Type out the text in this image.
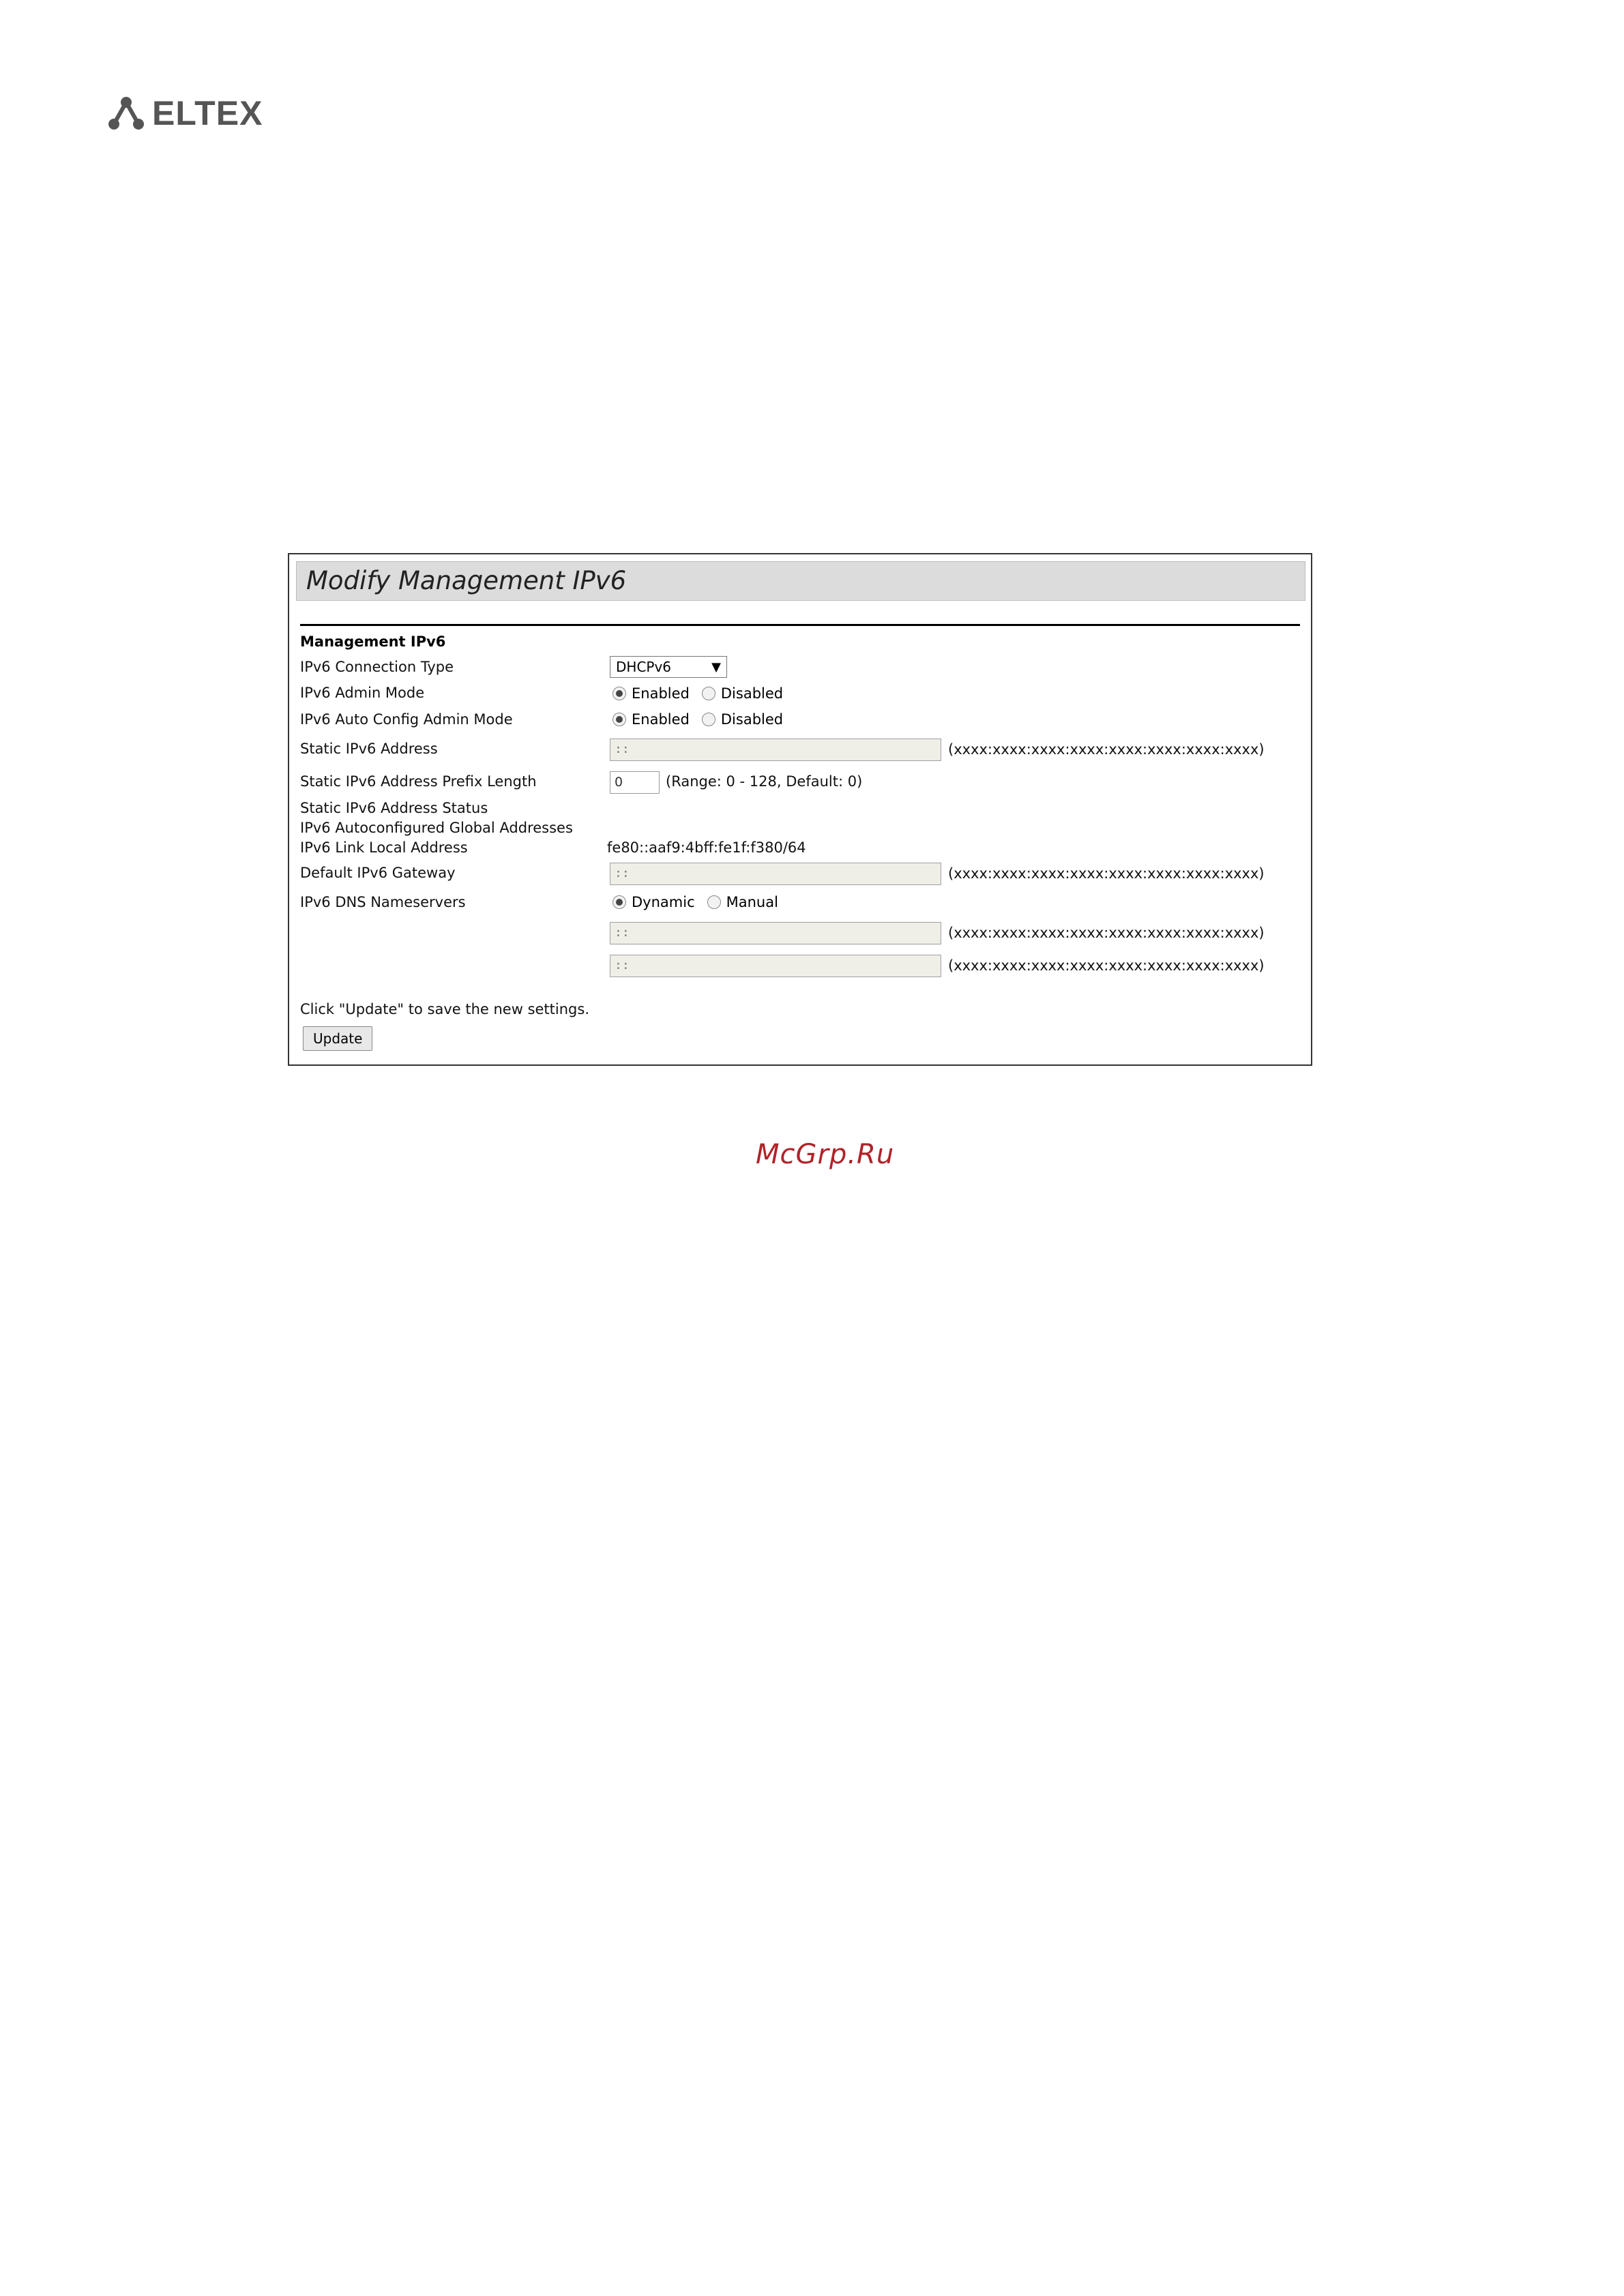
ELTEX
Modify Management IPv6
Management IPv6
IPv6 Connection Type	DHCPv6	▼
IPv6 Admin Mode	Enabled Disabled
IPv6 Auto Config Admin Mode	Enabled Disabled
Static IPv6 Address	::	(xxxx:xxxx:xxxx:xxxx:xxxx:xxxx:xxxx:xxxx)
Static IPv6 Address Prefix Length	0	(Range: 0 - 128, Default: 0)
Static IPv6 Address Status
IPv6 Autoconfigured Global Addresses
IPv6 Link Local Address	fe80::aaf9:4bff:fe1f:f380/64
Default IPv6 Gateway	::	(xxxx:xxxx:xxxx:xxxx:xxxx:xxxx:xxxx:xxxx)
IPv6 DNS Nameservers	Dynamic Manual
::	(xxxx:xxxx:xxxx:xxxx:xxxx:xxxx:xxxx:xxxx)
::	(xxxx:xxxx:xxxx:xxxx:xxxx:xxxx:xxxx:xxxx)
Click "Update" to save the new settings.
Update
McGrp.Ru
